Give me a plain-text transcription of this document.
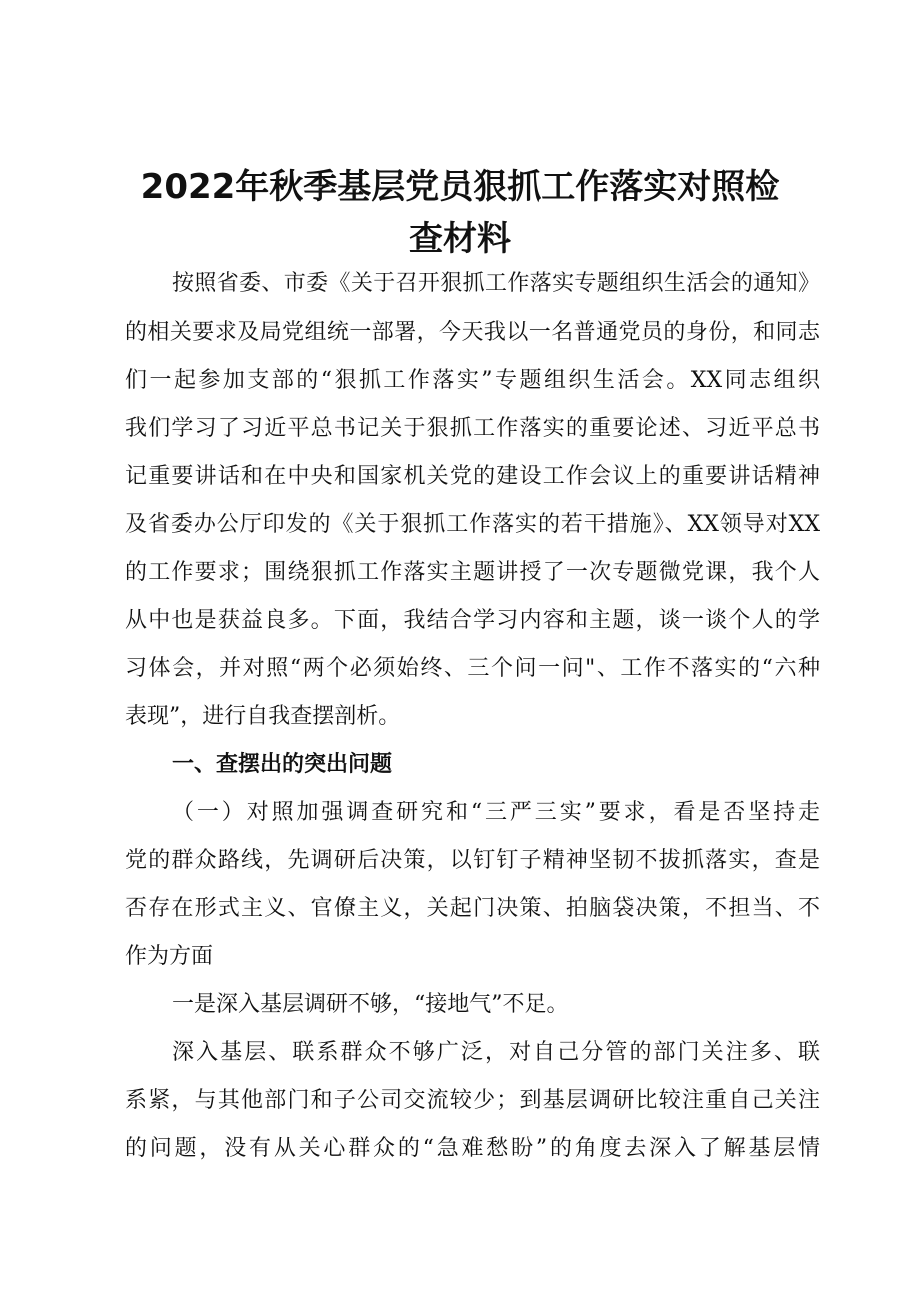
2022年秋季基层党员狠抓工作落实对照检
查材料

按照省委、市委《关于召开狠抓工作落实专题组织生活会的通知》

的相关要求及局党组统一部署，今天我以一名普通党员的身份，和同志

们一起参加支部的“狠抓工作落实”专题组织生活会。XX同志组织

我们学习了习近平总书记关于狠抓工作落实的重要论述、习近平总书

记重要讲话和在中央和国家机关党的建设工作会议上的重要讲话精神

及省委办公厅印发的《关于狠抓工作落实的若干措施》、XX领导对XX

的工作要求；围绕狠抓工作落实主题讲授了一次专题微党课，我个人

从中也是获益良多。下面，我结合学习内容和主题，谈一谈个人的学

习体会，并对照“两个必须始终、三个问一问"、工作不落实的“六种

表现”，进行自我查摆剖析。

一、查摆出的突出问题

（一）对照加强调查研究和“三严三实”要求，看是否坚持走

党的群众路线，先调研后决策，以钉钉子精神坚韧不拔抓落实，查是

否存在形式主义、官僚主义，关起门决策、拍脑袋决策，不担当、不

作为方面

一是深入基层调研不够，“接地气”不足。

深入基层、联系群众不够广泛，对自己分管的部门关注多、联

系紧，与其他部门和子公司交流较少；到基层调研比较注重自己关注

的问题，没有从关心群众的“急难愁盼”的角度去深入了解基层情
